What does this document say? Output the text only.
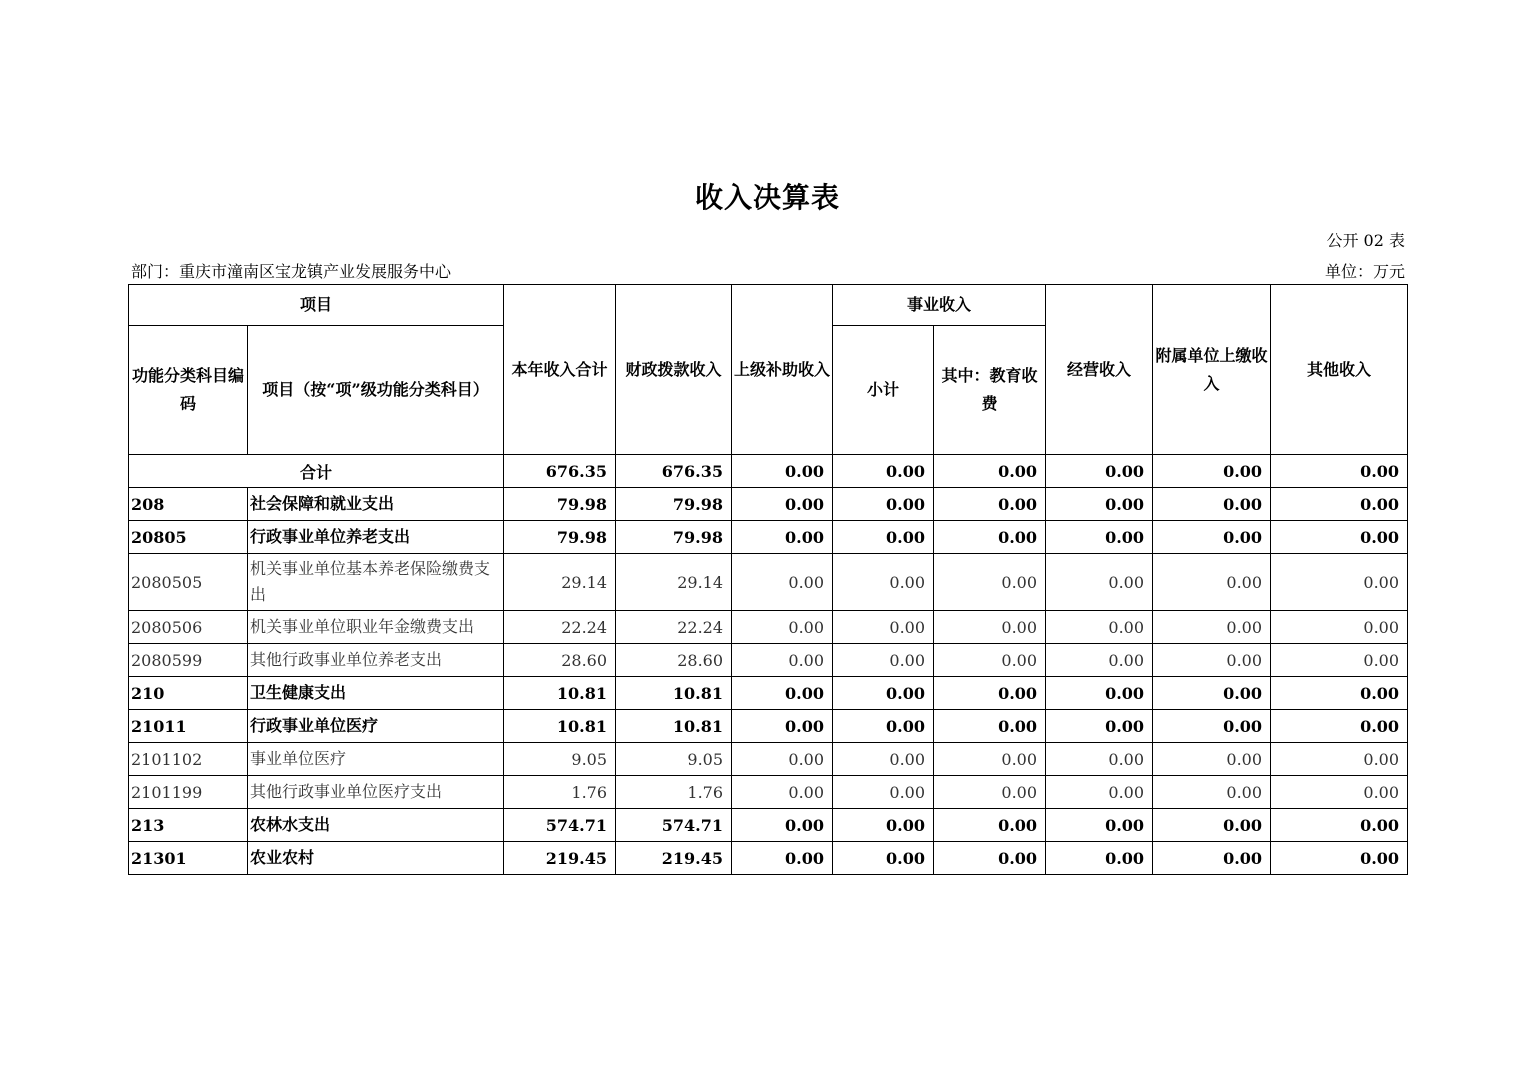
收入决算表
公开 02 表
部门：重庆市潼南区宝龙镇产业发展服务中心	单位：万元
项目		本年收入合计	财政拨款收入	上级补助收入	事业收入		经营收入	附属单位上缴收入	其他收入
功能分类科目编码	项目（按“项”级功能分类科目）				小计	其中：教育收费			
合计		676.35	676.35	0.00	0.00	0.00	0.00	0.00	0.00
208	社会保障和就业支出	79.98	79.98	0.00	0.00	0.00	0.00	0.00	0.00
20805	行政事业单位养老支出	79.98	79.98	0.00	0.00	0.00	0.00	0.00	0.00
2080505	机关事业单位基本养老保险缴费支出	29.14	29.14	0.00	0.00	0.00	0.00	0.00	0.00
2080506	机关事业单位职业年金缴费支出	22.24	22.24	0.00	0.00	0.00	0.00	0.00	0.00
2080599	其他行政事业单位养老支出	28.60	28.60	0.00	0.00	0.00	0.00	0.00	0.00
210	卫生健康支出	10.81	10.81	0.00	0.00	0.00	0.00	0.00	0.00
21011	行政事业单位医疗	10.81	10.81	0.00	0.00	0.00	0.00	0.00	0.00
2101102	事业单位医疗	9.05	9.05	0.00	0.00	0.00	0.00	0.00	0.00
2101199	其他行政事业单位医疗支出	1.76	1.76	0.00	0.00	0.00	0.00	0.00	0.00
213	农林水支出	574.71	574.71	0.00	0.00	0.00	0.00	0.00	0.00
21301	农业农村	219.45	219.45	0.00	0.00	0.00	0.00	0.00	0.00
